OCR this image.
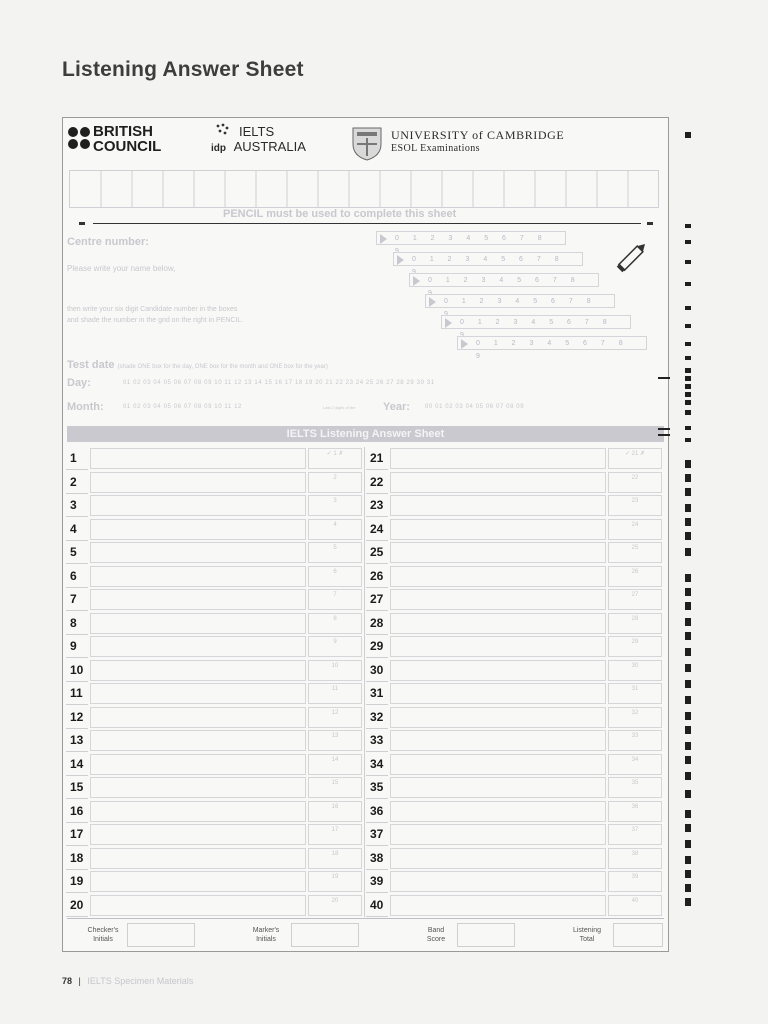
Listening Answer Sheet
BRITISH
COUNCIL
IELTS
idp AUSTRALIA
UNIVERSITY of CAMBRIDGE
ESOL Examinations
PENCIL must be used to complete this sheet
Centre number:
Please write your name below,
then write your six digit Candidate number in the boxes
and shade the number in the grid on the right in PENCIL.
0 1 2 3 4 5 6 7 8 9
0 1 2 3 4 5 6 7 8 9
0 1 2 3 4 5 6 7 8 9
0 1 2 3 4 5 6 7 8 9
0 1 2 3 4 5 6 7 8 9
0 1 2 3 4 5 6 7 8 9
Test date (shade ONE box for the day, ONE box for the month and ONE box for the year)
Day:	01 02 03 04 05 06 07 08 09 10 11 12 13 14 15 16 17 18 19 20 21 22 23 24 25 26 27 28 29 30 31
Month:	01 02 03 04 05 06 07 08 09 10 11 12	Last 2 digits of the	Year:	00 01 02 03 04 05 06 07 08 09
IELTS Listening Answer Sheet
1	✓ 1 ✗
2	2
3	3
4	4
5	5
6	6
7	7
8	8
9	9
10	10
11	11
12	12
13	13
14	14
15	15
16	16
17	17
18	18
19	19
20	20
21	✓ 21 ✗
22	22
23	23
24	24
25	25
26	26
27	27
28	28
29	29
30	30
31	31
32	32
33	33
34	34
35	35
36	36
37	37
38	38
39	39
40	40
Checker's
Initials
Marker's
Initials
Band
Score
Listening
Total
78 | IELTS Specimen Materials
